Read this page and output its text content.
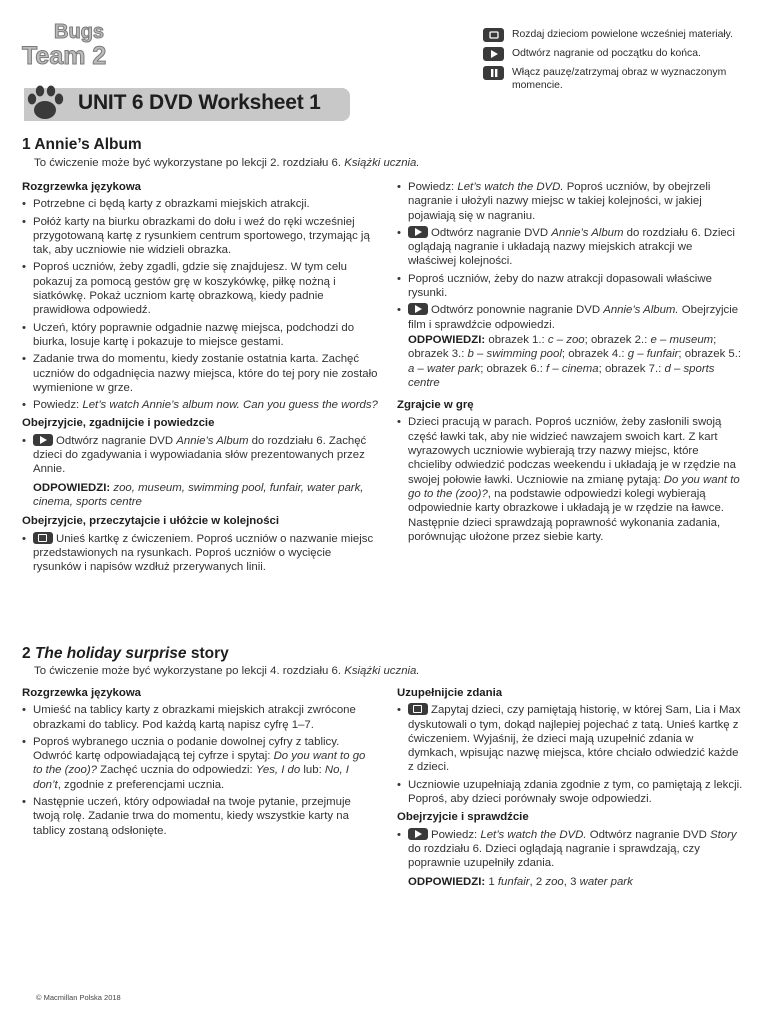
Bugs
Team 2
Rozdaj dzieciom powielone wcześniej materiały.
Odtwórz nagranie od początku do końca.
Włącz pauzę/zatrzymaj obraz w wyznaczonym momencie.
UNIT 6 DVD Worksheet 1
1 Annie’s Album
To ćwiczenie może być wykorzystane po lekcji 2. rozdziału 6. Książki ucznia.
Rozgrzewka językowa
• Potrzebne ci będą karty z obrazkami miejskich atrakcji.
• Połóż karty na biurku obrazkami do dołu i weź do ręki wcześniej przygotowaną kartę z rysunkiem centrum sportowego, trzymając ją tak, aby uczniowie nie widzieli obrazka.
• Poproś uczniów, żeby zgadli, gdzie się znajdujesz. W tym celu pokazuj za pomocą gestów grę w koszykówkę, piłkę nożną i siatkówkę. Pokaż uczniom kartę obrazkową, kiedy padnie prawidłowa odpowiedź.
• Uczeń, który poprawnie odgadnie nazwę miejsca, podchodzi do biurka, losuje kartę i pokazuje to miejsce gestami.
• Zadanie trwa do momentu, kiedy zostanie ostatnia karta. Zachęć uczniów do odgadnięcia nazwy miejsca, które do tej pory nie zostało wymienione w grze.
• Powiedz: Let’s watch Annie’s album now. Can you guess the words?
Obejrzyjcie, zgadnijcie i powiedzcie
• Odtwórz nagranie DVD Annie’s Album do rozdziału 6. Zachęć dzieci do zgadywania i wypowiadania słów prezentowanych przez Annie.
ODPOWIEDZI: zoo, museum, swimming pool, funfair, water park, cinema, sports centre
Obejrzyjcie, przeczytajcie i ułóżcie w kolejności
• Unieś kartkę z ćwiczeniem. Poproś uczniów o nazwanie miejsc przedstawionych na rysunkach. Poproś uczniów o wycięcie rysunków i napisów wzdłuż przerywanych linii.
• Powiedz: Let’s watch the DVD. Poproś uczniów, by obejrzeli nagranie i ułożyli nazwy miejsc w takiej kolejności, w jakiej pojawiają się w nagraniu.
• Odtwórz nagranie DVD Annie’s Album do rozdziału 6. Dzieci oglądają nagranie i układają nazwy miejskich atrakcji we właściwej kolejności.
• Poproś uczniów, żeby do nazw atrakcji dopasowali właściwe rysunki.
• Odtwórz ponownie nagranie DVD Annie’s Album. Obejrzyjcie film i sprawdźcie odpowiedzi.
ODPOWIEDZI: obrazek 1.: c – zoo; obrazek 2.: e – museum; obrazek 3.: b – swimming pool; obrazek 4.: g – funfair; obrazek 5.: a – water park; obrazek 6.: f – cinema; obrazek 7.: d – sports centre
Zgrajcie w grę
• Dzieci pracują w parach. Poproś uczniów, żeby zasłonili swoją część ławki tak, aby nie widzieć nawzajem swoich kart. Z kart wyrazowych uczniowie wybierają trzy nazwy miejsc, które chcieliby odwiedzić podczas weekendu i układają je w rzędzie na swojej połowie ławki. Uczniowie na zmianę pytają: Do you want to go to the (zoo)?, na podstawie odpowiedzi kolegi wybierają odpowiednie karty obrazkowe i układają je w rzędzie na ławce. Następnie dzieci sprawdzają poprawność wykonania zadania, porównując ułożone przez siebie karty.
2 The holiday surprise story
To ćwiczenie może być wykorzystane po lekcji 4. rozdziału 6. Książki ucznia.
Rozgrzewka językowa
• Umieść na tablicy karty z obrazkami miejskich atrakcji zwrócone obrazkami do tablicy. Pod każdą kartą napisz cyfrę 1–7.
• Poproś wybranego ucznia o podanie dowolnej cyfry z tablicy. Odwróć kartę odpowiadającą tej cyfrze i spytaj: Do you want to go to the (zoo)? Zachęć ucznia do odpowiedzi: Yes, I do lub: No, I don’t, zgodnie z preferencjami ucznia.
• Następnie uczeń, który odpowiadał na twoje pytanie, przejmuje twoją rolę. Zadanie trwa do momentu, kiedy wszystkie karty na tablicy zostaną odsłonięte.
Uzupełnijcie zdania
• Zapytaj dzieci, czy pamiętają historię, w której Sam, Lia i Max dyskutowali o tym, dokąd najlepiej pojechać z tatą. Unieś kartkę z ćwiczeniem. Wyjaśnij, że dzieci mają uzupełnić zdania w dymkach, wpisując nazwę miejsca, które chciało odwiedzić każde z dzieci.
• Uczniowie uzupełniają zdania zgodnie z tym, co pamiętają z lekcji. Poproś, aby dzieci porównały swoje odpowiedzi.
Obejrzyjcie i sprawdźcie
• Powiedz: Let’s watch the DVD. Odtwórz nagranie DVD Story do rozdziału 6. Dzieci oglądają nagranie i sprawdzają, czy poprawnie uzupełniły zdania.
ODPOWIEDZI: 1 funfair, 2 zoo, 3 water park
© Macmillan Polska 2018
